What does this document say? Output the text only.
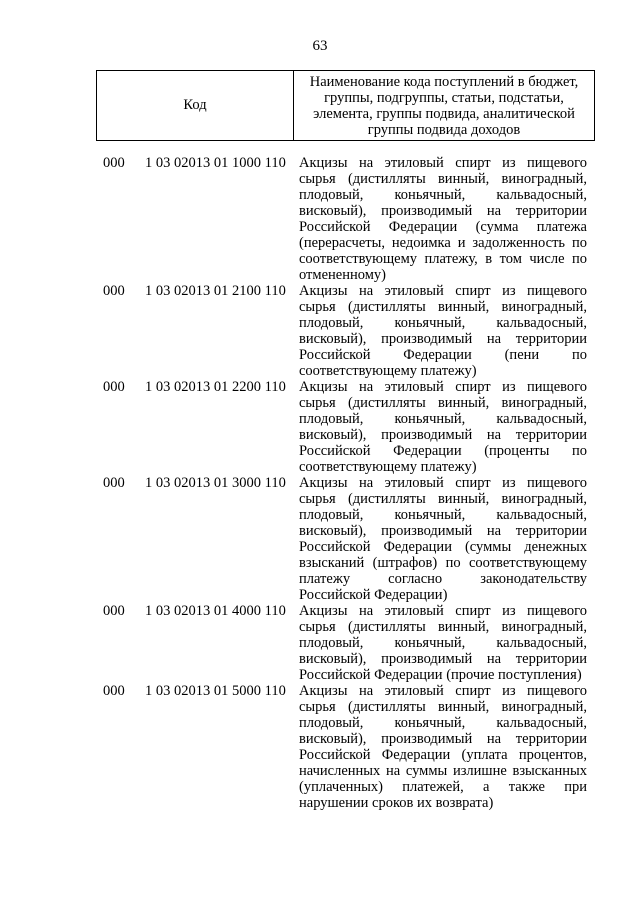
63
Код
Наименование кода поступлений в бюджет, группы, подгруппы, статьи, подстатьи, элемента, группы подвида, аналитической группы подвида доходов
000	1 03 02013 01 1000 110 Акцизы на этиловый спирт из пищевого сырья (дистилляты винный, виноградный, плодовый, коньячный, кальвадосный, висковый), производимый на территории Российской Федерации (сумма платежа (перерасчеты, недоимка и задолженность по соответствующему платежу, в том числе по отмененному)
000	1 03 02013 01 2100 110 Акцизы на этиловый спирт из пищевого сырья (дистилляты винный, виноградный, плодовый, коньячный, кальвадосный, висковый), производимый на территории Российской Федерации (пени по соответствующему платежу)
000	1 03 02013 01 2200 110 Акцизы на этиловый спирт из пищевого сырья (дистилляты винный, виноградный, плодовый, коньячный, кальвадосный, висковый), производимый на территории Российской Федерации (проценты по соответствующему платежу)
000	1 03 02013 01 3000 110 Акцизы на этиловый спирт из пищевого сырья (дистилляты винный, виноградный, плодовый, коньячный, кальвадосный, висковый), производимый на территории Российской Федерации (суммы денежных взысканий (штрафов) по соответствующему платежу согласно законодательству Российской Федерации)
000	1 03 02013 01 4000 110 Акцизы на этиловый спирт из пищевого сырья (дистилляты винный, виноградный, плодовый, коньячный, кальвадосный, висковый), производимый на территории Российской Федерации (прочие поступления)
000	1 03 02013 01 5000 110 Акцизы на этиловый спирт из пищевого сырья (дистилляты винный, виноградный, плодовый, коньячный, кальвадосный, висковый), производимый на территории Российской Федерации (уплата процентов, начисленных на суммы излишне взысканных (уплаченных) платежей, а также при нарушении сроков их возврата)
